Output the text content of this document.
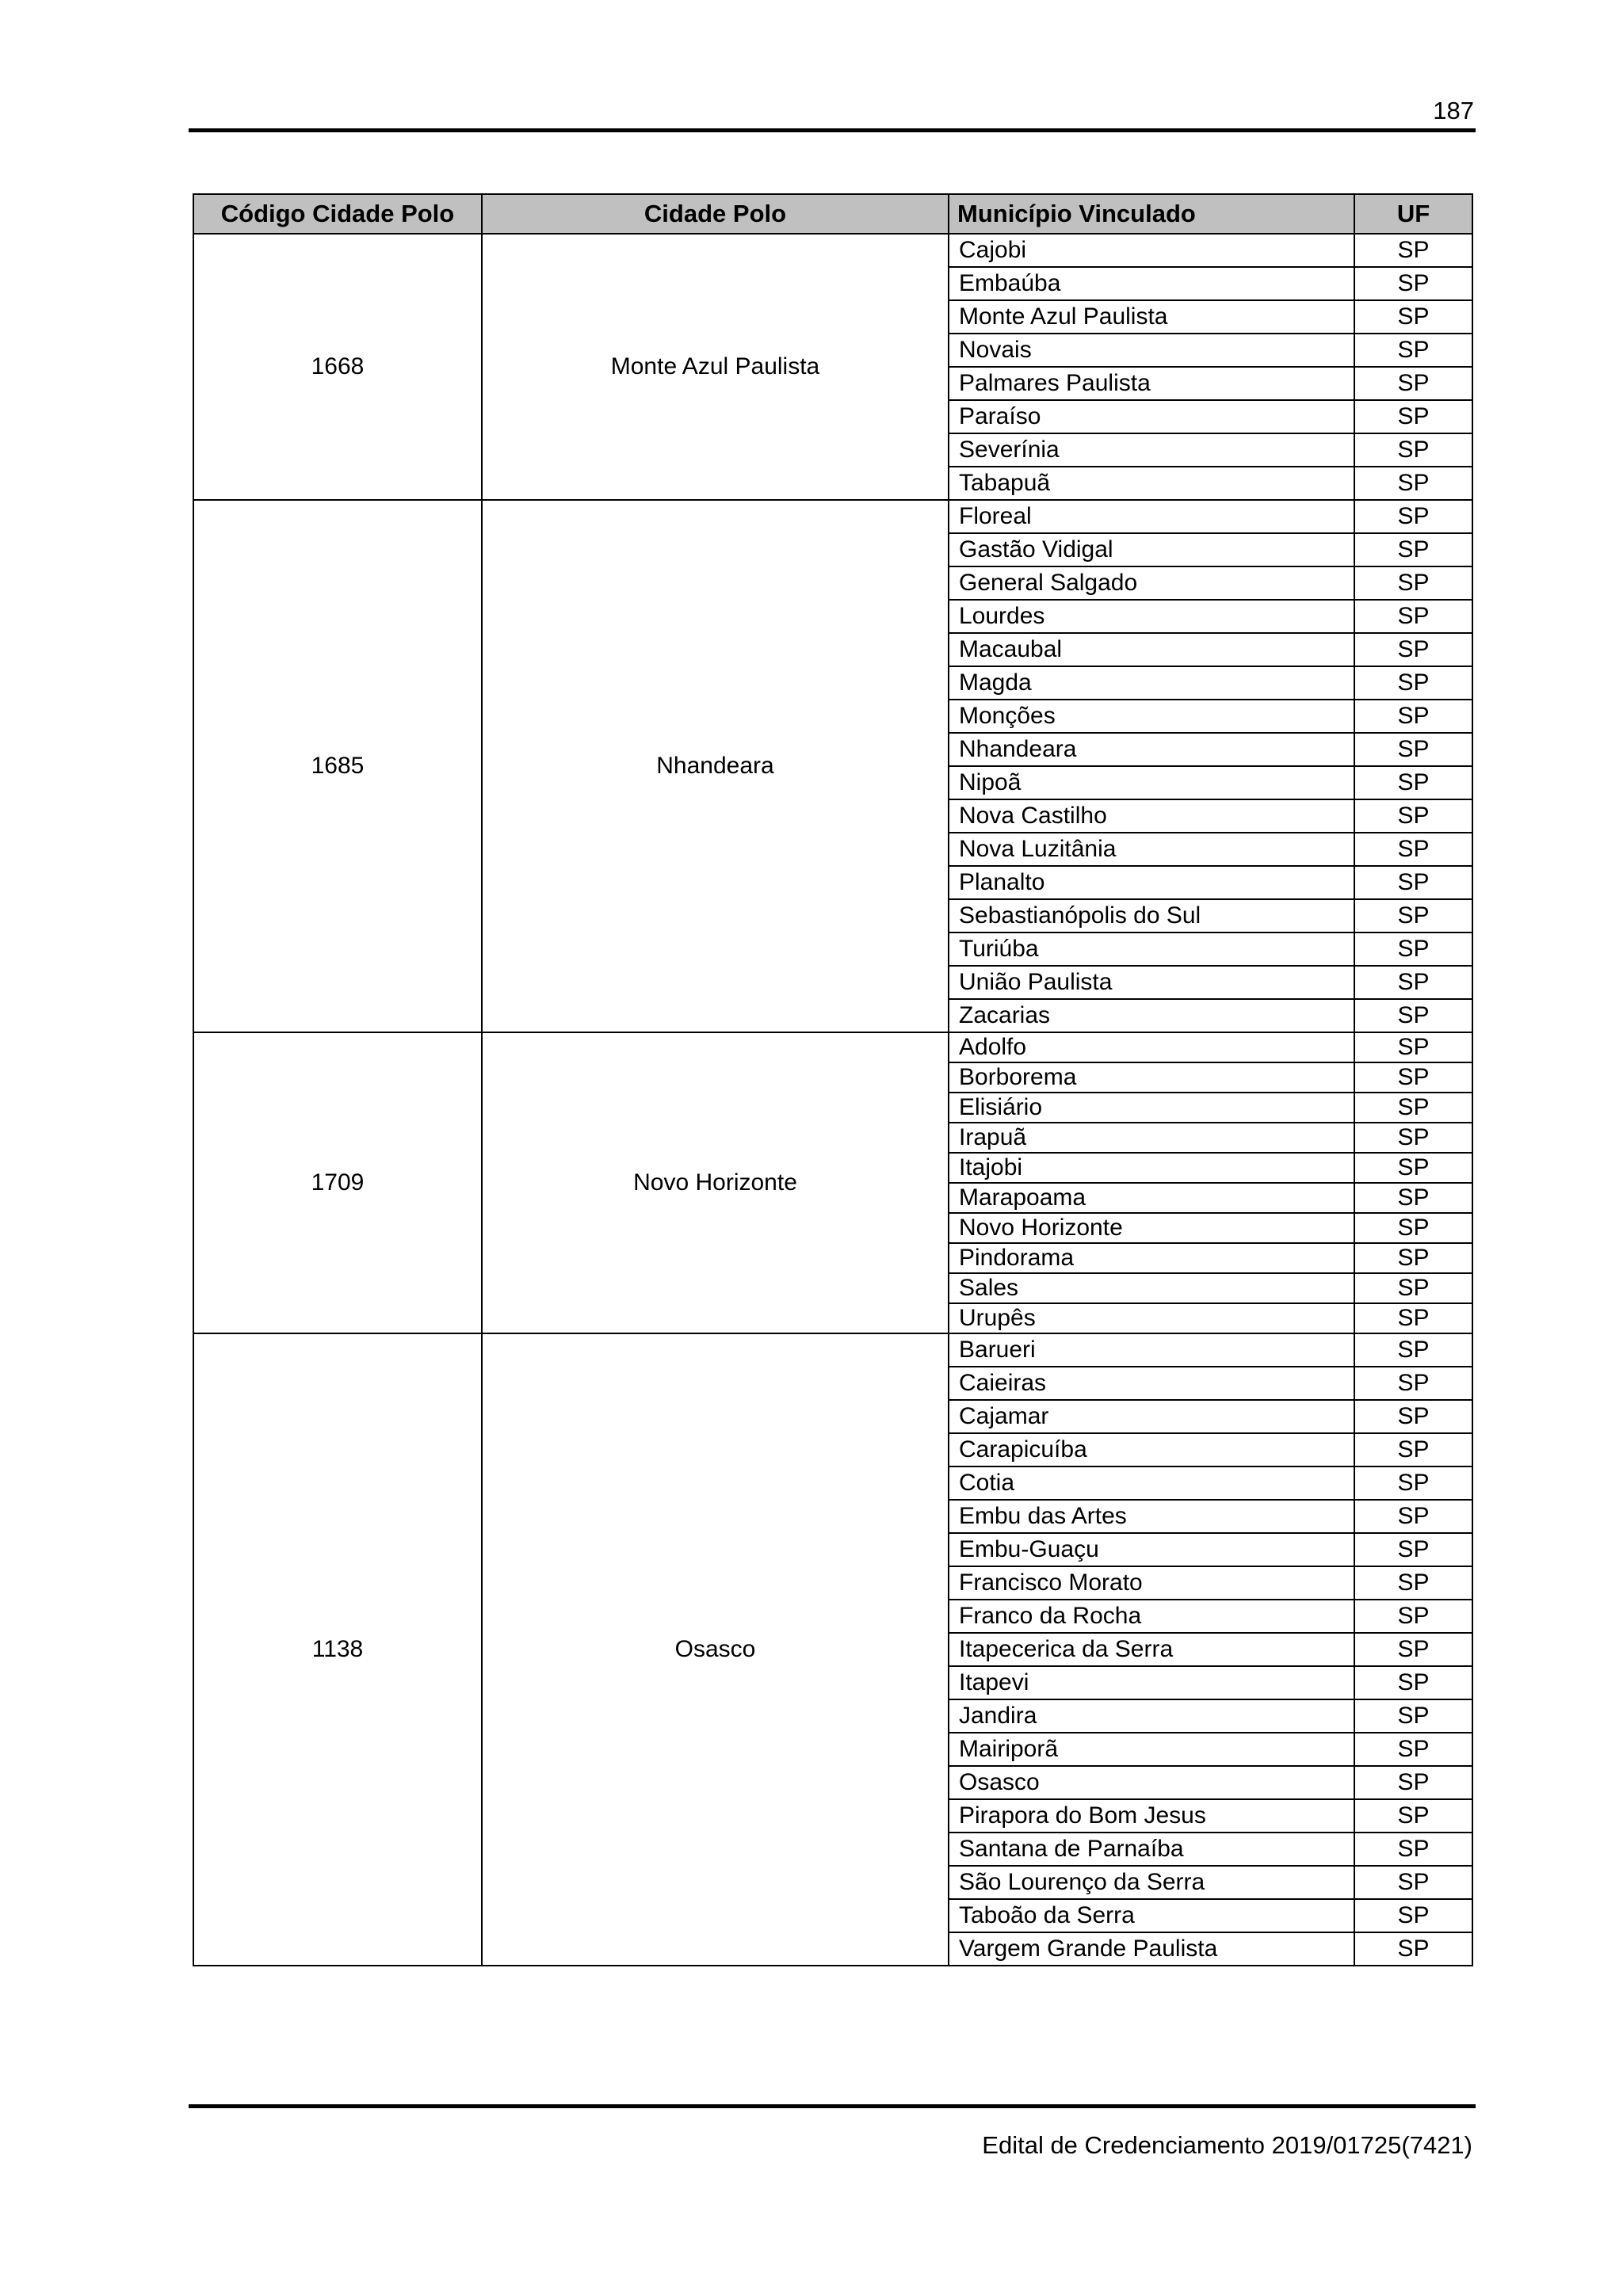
187
Código Cidade Polo	Cidade Polo	Município Vinculado	UF
1668	Monte Azul Paulista	Cajobi	SP
		Embaúba	SP
		Monte Azul Paulista	SP
		Novais	SP
		Palmares Paulista	SP
		Paraíso	SP
		Severínia	SP
		Tabapuã	SP
1685	Nhandeara	Floreal	SP
		Gastão Vidigal	SP
		General Salgado	SP
		Lourdes	SP
		Macaubal	SP
		Magda	SP
		Monções	SP
		Nhandeara	SP
		Nipoã	SP
		Nova Castilho	SP
		Nova Luzitânia	SP
		Planalto	SP
		Sebastianópolis do Sul	SP
		Turiúba	SP
		União Paulista	SP
		Zacarias	SP
1709	Novo Horizonte	Adolfo	SP
		Borborema	SP
		Elisiário	SP
		Irapuã	SP
		Itajobi	SP
		Marapoama	SP
		Novo Horizonte	SP
		Pindorama	SP
		Sales	SP
		Urupês	SP
1138	Osasco	Barueri	SP
		Caieiras	SP
		Cajamar	SP
		Carapicuíba	SP
		Cotia	SP
		Embu das Artes	SP
		Embu-Guaçu	SP
		Francisco Morato	SP
		Franco da Rocha	SP
		Itapecerica da Serra	SP
		Itapevi	SP
		Jandira	SP
		Mairiporã	SP
		Osasco	SP
		Pirapora do Bom Jesus	SP
		Santana de Parnaíba	SP
		São Lourenço da Serra	SP
		Taboão da Serra	SP
		Vargem Grande Paulista	SP
Edital de Credenciamento 2019/01725(7421)
